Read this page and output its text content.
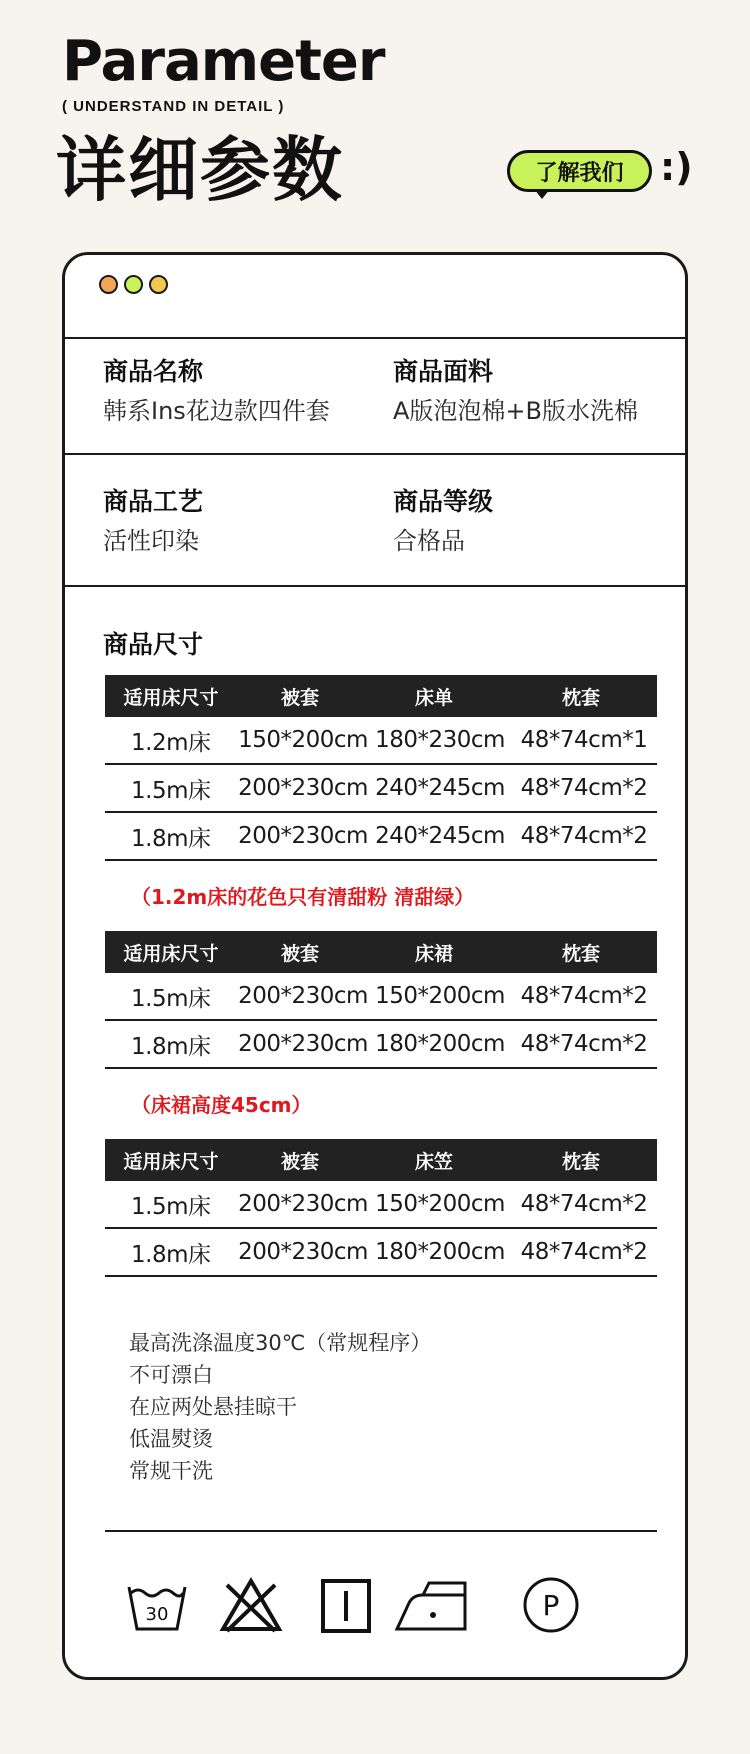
Parameter
( UNDERSTAND IN DETAIL )
详细参数	了解我们 :)
商品名称
韩系Ins花边款四件套
商品面料
A版泡泡棉+B版水洗棉
商品工艺
活性印染
商品等级
合格品
商品尺寸
适用床尺寸	被套	床单	枕套
1.2m床	150*200cm 180*230cm 48*74cm*1
1.5m床	200*230cm 240*245cm 48*74cm*2
1.8m床	200*230cm 240*245cm 48*74cm*2
（1.2m床的花色只有清甜粉 清甜绿）
适用床尺寸	被套	床裙	枕套
1.5m床	200*230cm 150*200cm 48*74cm*2
1.8m床	200*230cm 180*200cm 48*74cm*2
（床裙高度45cm）
适用床尺寸	被套	床笠	枕套
1.5m床	200*230cm 150*200cm 48*74cm*2
1.8m床	200*230cm 180*200cm 48*74cm*2
最高洗涤温度30℃（常规程序）
不可漂白
在应两处悬挂晾干
低温熨烫
常规干洗
30	P
